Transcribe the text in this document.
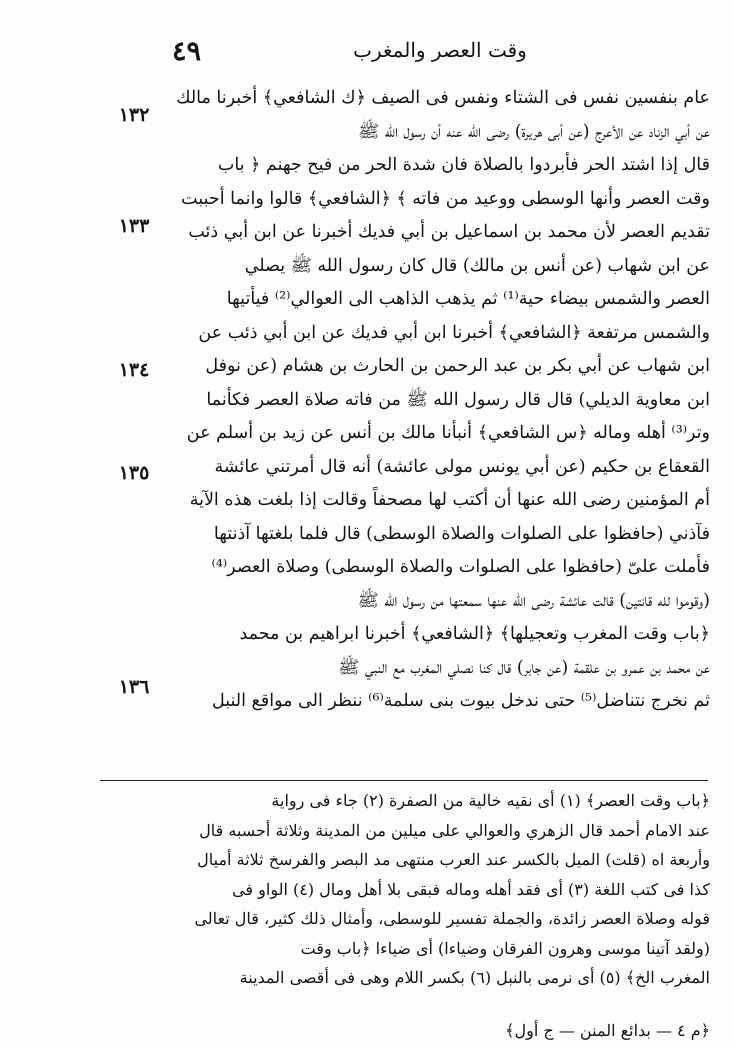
٤٩	وقت العصر والمغرب
١٣٢
١٣٣
١٣٤
١٣٥
١٣٦
عام بنفسين نفس فى الشتاء ونفس فى الصيف ﴿ك الشافعي﴾ أخبرنا مالك
عن أبي الزناد عن الأعرج (عن أبى هريرة) رضى الله عنه أن رسول الله ﷺ
قال إذا اشتد الحر فأبردوا بالصلاة فان شدة الحر من فيح جهنم ﴿ باب
وقت العصر وأنها الوسطى ووعيد من فاته ﴾ ﴿الشافعي﴾ قالوا وانما أحببت
تقديم العصر لأن محمد بن اسماعيل بن أبي فديك أخبرنا عن ابن أبي ذئب
عن ابن شهاب (عن أنس بن مالك) قال كان رسول الله ﷺ يصلي
العصر والشمس بيضاء حية⁽¹⁾ ثم يذهب الذاهب الى العوالي⁽²⁾ فيأتيها
والشمس مرتفعة ﴿الشافعي﴾ أخبرنا ابن أبي فديك عن ابن أبي ذئب عن
ابن شهاب عن أبي بكر بن عبد الرحمن بن الحارث بن هشام (عن نوفل
ابن معاوية الديلي) قال قال رسول الله ﷺ من فاته صلاة العصر فكأنما
وتر⁽³⁾ أهله وماله ﴿س الشافعي﴾ أنبأنا مالك بن أنس عن زيد بن أسلم عن
القعقاع بن حكيم (عن أبي يونس مولى عائشة) أنه قال أمرتني عائشة
أم المؤمنين رضى الله عنها أن أكتب لها مصحفاً وقالت إذا بلغت هذه الآية
فآذني (حافظوا على الصلوات والصلاة الوسطى) قال فلما بلغتها آذنتها
فأملت علىّ (حافظوا على الصلوات والصلاة الوسطى) وصلاة العصر⁽⁴⁾
(وقوموا لله قانتين) قالت عائشة رضى الله عنها سمعتها من رسول الله ﷺ
﴿باب وقت المغرب وتعجيلها﴾ ﴿الشافعي﴾ أخبرنا ابراهيم بن محمد
عن محمد بن عمرو بن علقمة (عن جابر) قال كنا نصلي المغرب مع النبي ﷺ
ثم نخرج نتناضل⁽⁵⁾ حتى ندخل بيوت بنى سلمة⁽⁶⁾ ننظر الى مواقع النبل
﴿باب وقت العصر﴾ (١) أى نقيه خالية من الصفرة (٢) جاء فى رواية
عند الامام أحمد قال الزهري والعوالي على ميلين من المدينة وثلاثة أحسبه قال
وأربعة اه (قلت) الميل بالكسر عند العرب منتهى مد البصر والفرسخ ثلاثة أميال
كذا فى كتب اللغة (٣) أى فقد أهله وماله فبقى بلا أهل ومال (٤) الواو فى
قوله وصلاة العصر زائدة، والجملة تفسير للوسطى، وأمثال ذلك كثير، قال تعالى
(ولقد آتينا موسى وهرون الفرقان وضياءا) أى ضياءا ﴿باب وقت
المغرب الخ﴾ (٥) أى نرمى بالنبل (٦) بكسر اللام وهى فى أقصى المدينة
﴿م ٤ — بدائع المنن — ج أول﴾
